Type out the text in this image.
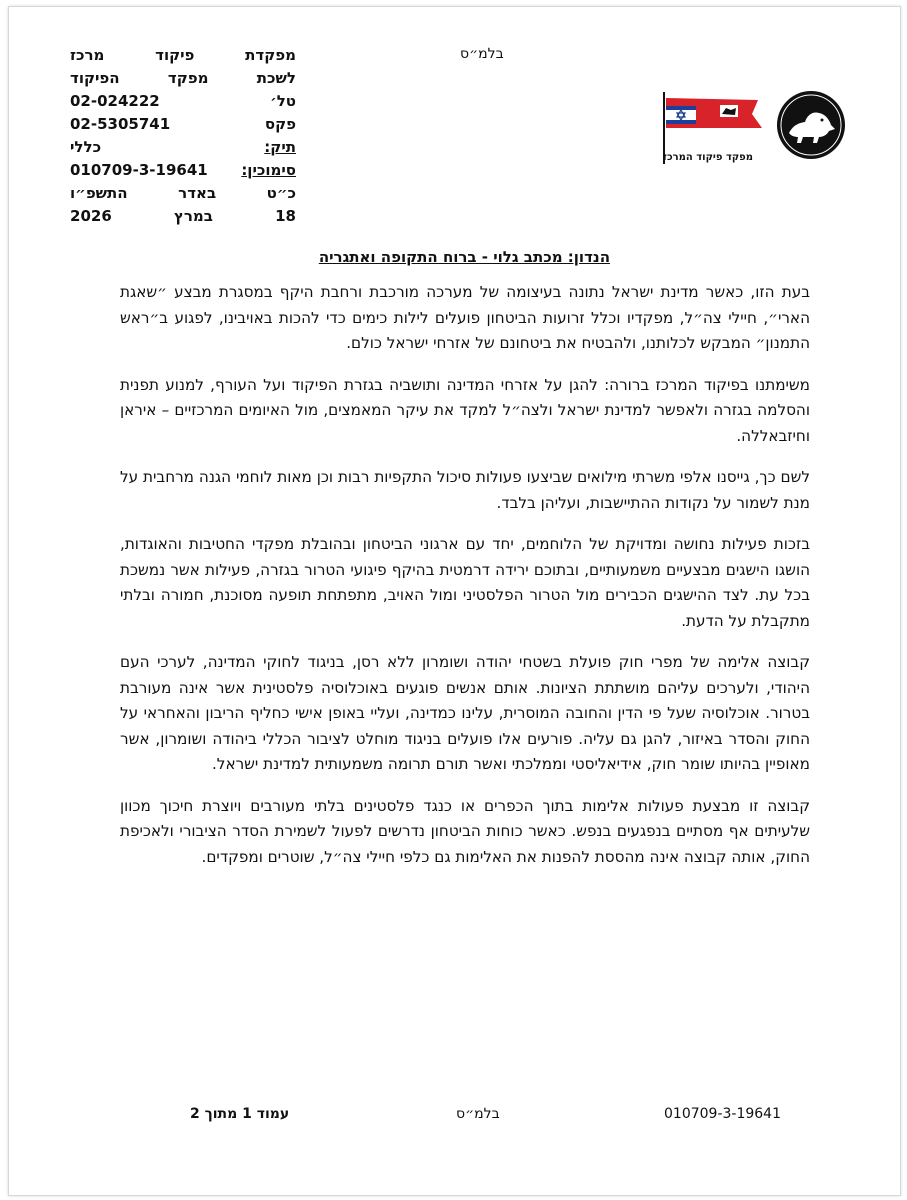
מפקדת
פיקוד
מרכז
לשכת
מפקד
הפיקוד
טל׳
02-024222
פקס
02-5305741
תיק:
כללי
סימוכין:
010709-3-19641
כ״ט
באדר
התשפ״ו
18
במרץ
2026
בלמ״ס
מפקד פיקוד המרכז
הנדון: מכתב גלוי - ברוח התקופה ואתגריה

בעת הזו, כאשר מדינת ישראל נתונה בעיצומה של מערכה מורכבת ורחבת היקף במסגרת מבצע ״שאגת הארי״, חיילי צה״ל, מפקדיו וכלל זרועות הביטחון פועלים לילות כימים כדי להכות באויבינו, לפגוע ב״ראש התמנון״ המבקש לכלותנו, ולהבטיח את ביטחונם של אזרחי ישראל כולם.

משימתנו בפיקוד המרכז ברורה: להגן על אזרחי המדינה ותושביה בגזרת הפיקוד ועל העורף, למנוע תפנית והסלמה בגזרה ולאפשר למדינת ישראל ולצה״ל למקד את עיקר המאמצים, מול האיומים המרכזיים – איראן וחיזבאללה.

לשם כך, גייסנו אלפי משרתי מילואים שביצעו פעולות סיכול התקפיות רבות וכן מאות לוחמי הגנה מרחבית על מנת לשמור על נקודות ההתיישבות, ועליהן בלבד.

בזכות פעילות נחושה ומדויקת של הלוחמים, יחד עם ארגוני הביטחון ובהובלת מפקדי החטיבות והאוגדות, הושגו הישגים מבצעיים משמעותיים, ובתוכם ירידה דרמטית בהיקף פיגועי הטרור בגזרה, פעילות אשר נמשכת בכל עת. לצד ההישגים הכבירים מול הטרור הפלסטיני ומול האויב, מתפתחת תופעה מסוכנת, חמורה ובלתי מתקבלת על הדעת.

קבוצה אלימה של מפרי חוק פועלת בשטחי יהודה ושומרון ללא רסן, בניגוד לחוקי המדינה, לערכי העם היהודי, ולערכים עליהם מושתתת הציונות. אותם אנשים פוגעים באוכלוסיה פלסטינית אשר אינה מעורבת בטרור. אוכלוסיה שעל פי הדין והחובה המוסרית, עלינו כמדינה, ועליי באופן אישי כחליף הריבון והאחראי על החוק והסדר באיזור, להגן גם עליה. פורעים אלו פועלים בניגוד מוחלט לציבור הכללי ביהודה ושומרון, אשר מאופיין בהיותו שומר חוק, אידיאליסטי וממלכתי ואשר תורם תרומה משמעותית למדינת ישראל.

קבוצה זו מבצעת פעולות אלימות בתוך הכפרים או כנגד פלסטינים בלתי מעורבים ויוצרת חיכוך מכוון שלעיתים אף מסתיים בנפגעים בנפש. כאשר כוחות הביטחון נדרשים לפעול לשמירת הסדר הציבורי ולאכיפת החוק, אותה קבוצה אינה מהססת להפנות את האלימות גם כלפי חיילי צה״ל, שוטרים ומפקדים.

עמוד 1 מתוך 2	בלמ״ס	010709-3-19641
